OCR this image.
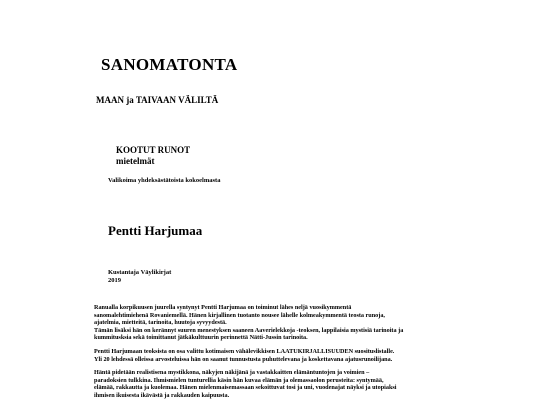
SANOMATONTA
MAAN ja TAIVAAN VÄLILTÄ
KOOTUT RUNOT
mietelmät
Valikoima yhdeksästätoista kokoelmasta
Pentti Harjumaa
Kustantaja Väylikirjat
2019

Ranualla korpikuusen juurella syntynyt Pentti Harjumaa on toiminut lähes neljä vuosikymmentä
sanomalehtimiehenä Rovaniemellä. Hänen kirjallinen tuotanto nousee lähelle kolmeakymmentä teosta runoja,
ajatelmia, mietteitä, tarinoita, huutoja syvyydestä.
Tämän lisäksi hän on kerännyt suuren menestyksen saaneen Aaverielekkoja -teoksen, lappilaisia mystisiä tarinoita ja
kummitusksia sekä toimittanut jätkäkulttuurin perinnettä Nätti-Jussin tarinoita.

Pentti Harjumaan teoksista on osa valittu kotimaisen vähälevikkisen LAATUKIRJALLISUUDEN suosituslistalle.
Yli 20 lehdessä olleissa arvosteluissa hän on saanut tunnustusta puhuttelevana ja koskettavana ajatusrunoilijana.

Häntä pidetään realistisena mystikkona, näkyjen näkijänä ja vastakkaitten elämäntuntojen ja voimien –
paradoksien tulkkina. Ihmismielen tunturellia käsin hän kuvaa elämän ja olemassaolon perusteita: syntymää,
elämää, rakkautta ja kuolemaa. Hänen mielenmaisemassaan sekoittuvat tosi ja uni, vuodenajat näyksi ja utopiaksi
ihmisen ikuisesta ikävästä ja rakkauden kaipuusta.
